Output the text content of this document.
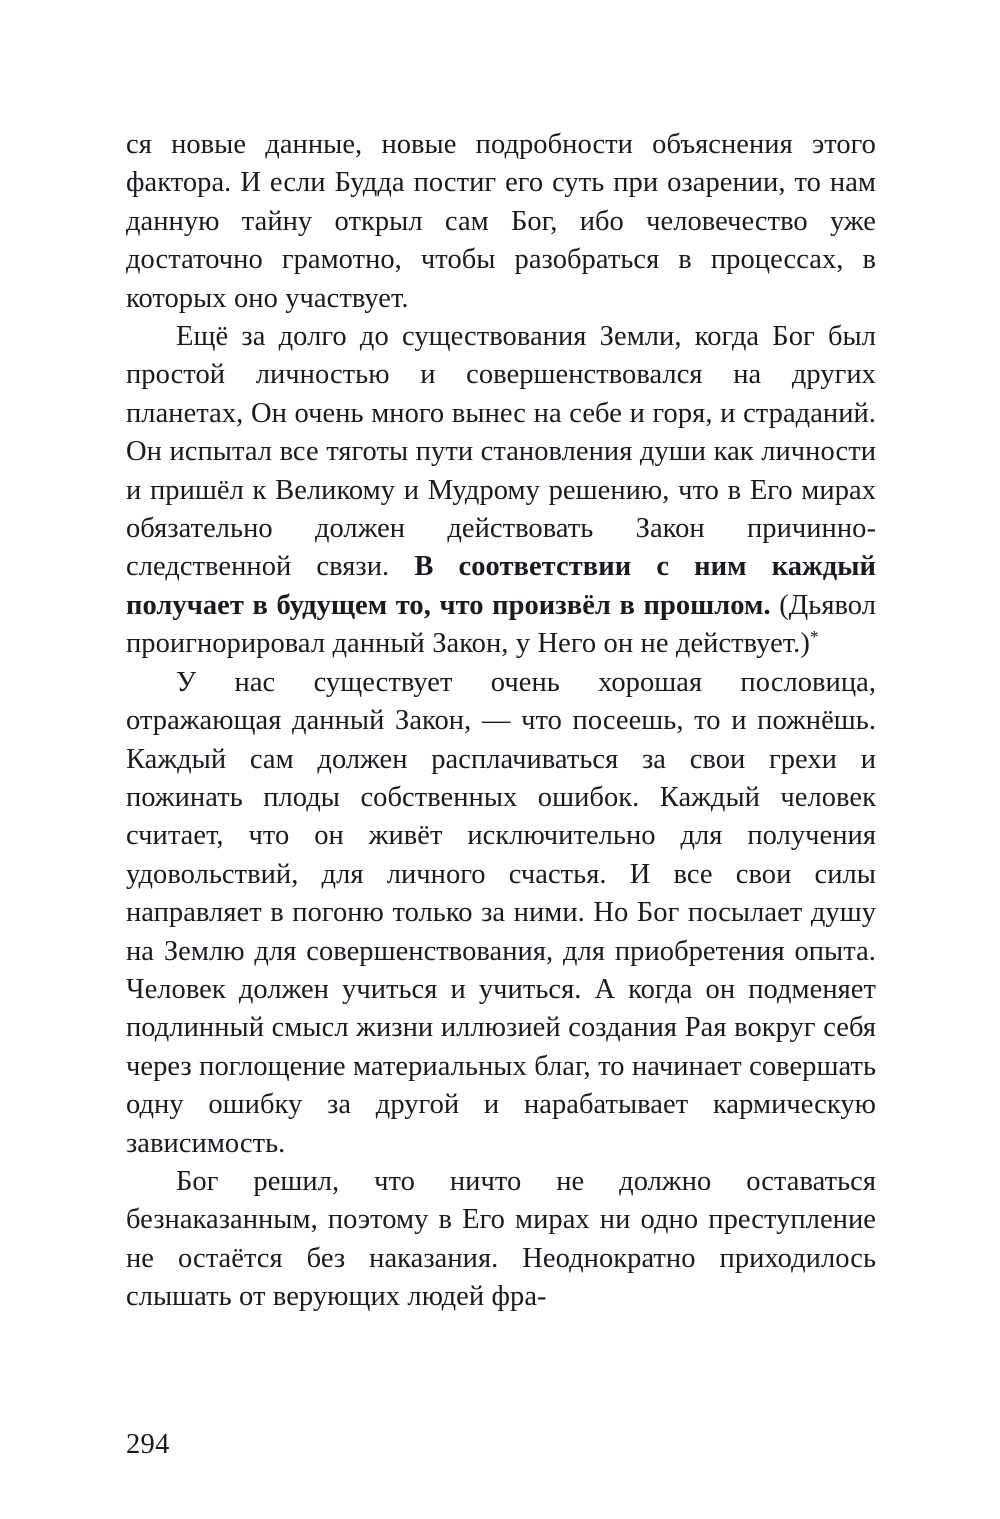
ся новые данные, новые подробности объяснения этого фактора. И если Будда постиг его суть при озарении, то нам данную тайну открыл сам Бог, ибо человечество уже достаточно грамотно, чтобы разобраться в процессах, в которых оно участвует.

Ещё за долго до существования Земли, когда Бог был простой личностью и совершенствовался на других планетах, Он очень много вынес на себе и горя, и страданий. Он испытал все тяготы пути становления души как личности и пришёл к Великому и Мудрому решению, что в Его мирах обязательно должен действовать Закон причинно-следственной связи. В соответствии с ним каждый получает в будущем то, что произвёл в прошлом. (Дьявол проигнорировал данный Закон, у Него он не действует.)*

У нас существует очень хорошая пословица, отражающая данный Закон, — что посеешь, то и пожнёшь. Каждый сам должен расплачиваться за свои грехи и пожинать плоды собственных ошибок. Каждый человек считает, что он живёт исключительно для получения удовольствий, для личного счастья. И все свои силы направляет в погоню только за ними. Но Бог посылает душу на Землю для совершенствования, для приобретения опыта. Человек должен учиться и учиться. А когда он подменяет подлинный смысл жизни иллюзией создания Рая вокруг себя через поглощение материальных благ, то начинает совершать одну ошибку за другой и нарабатывает кармическую зависимость.

Бог решил, что ничто не должно оставаться безнаказанным, поэтому в Его мирах ни одно преступление не остаётся без наказания. Неоднократно приходилось слышать от верующих людей фра-

294
